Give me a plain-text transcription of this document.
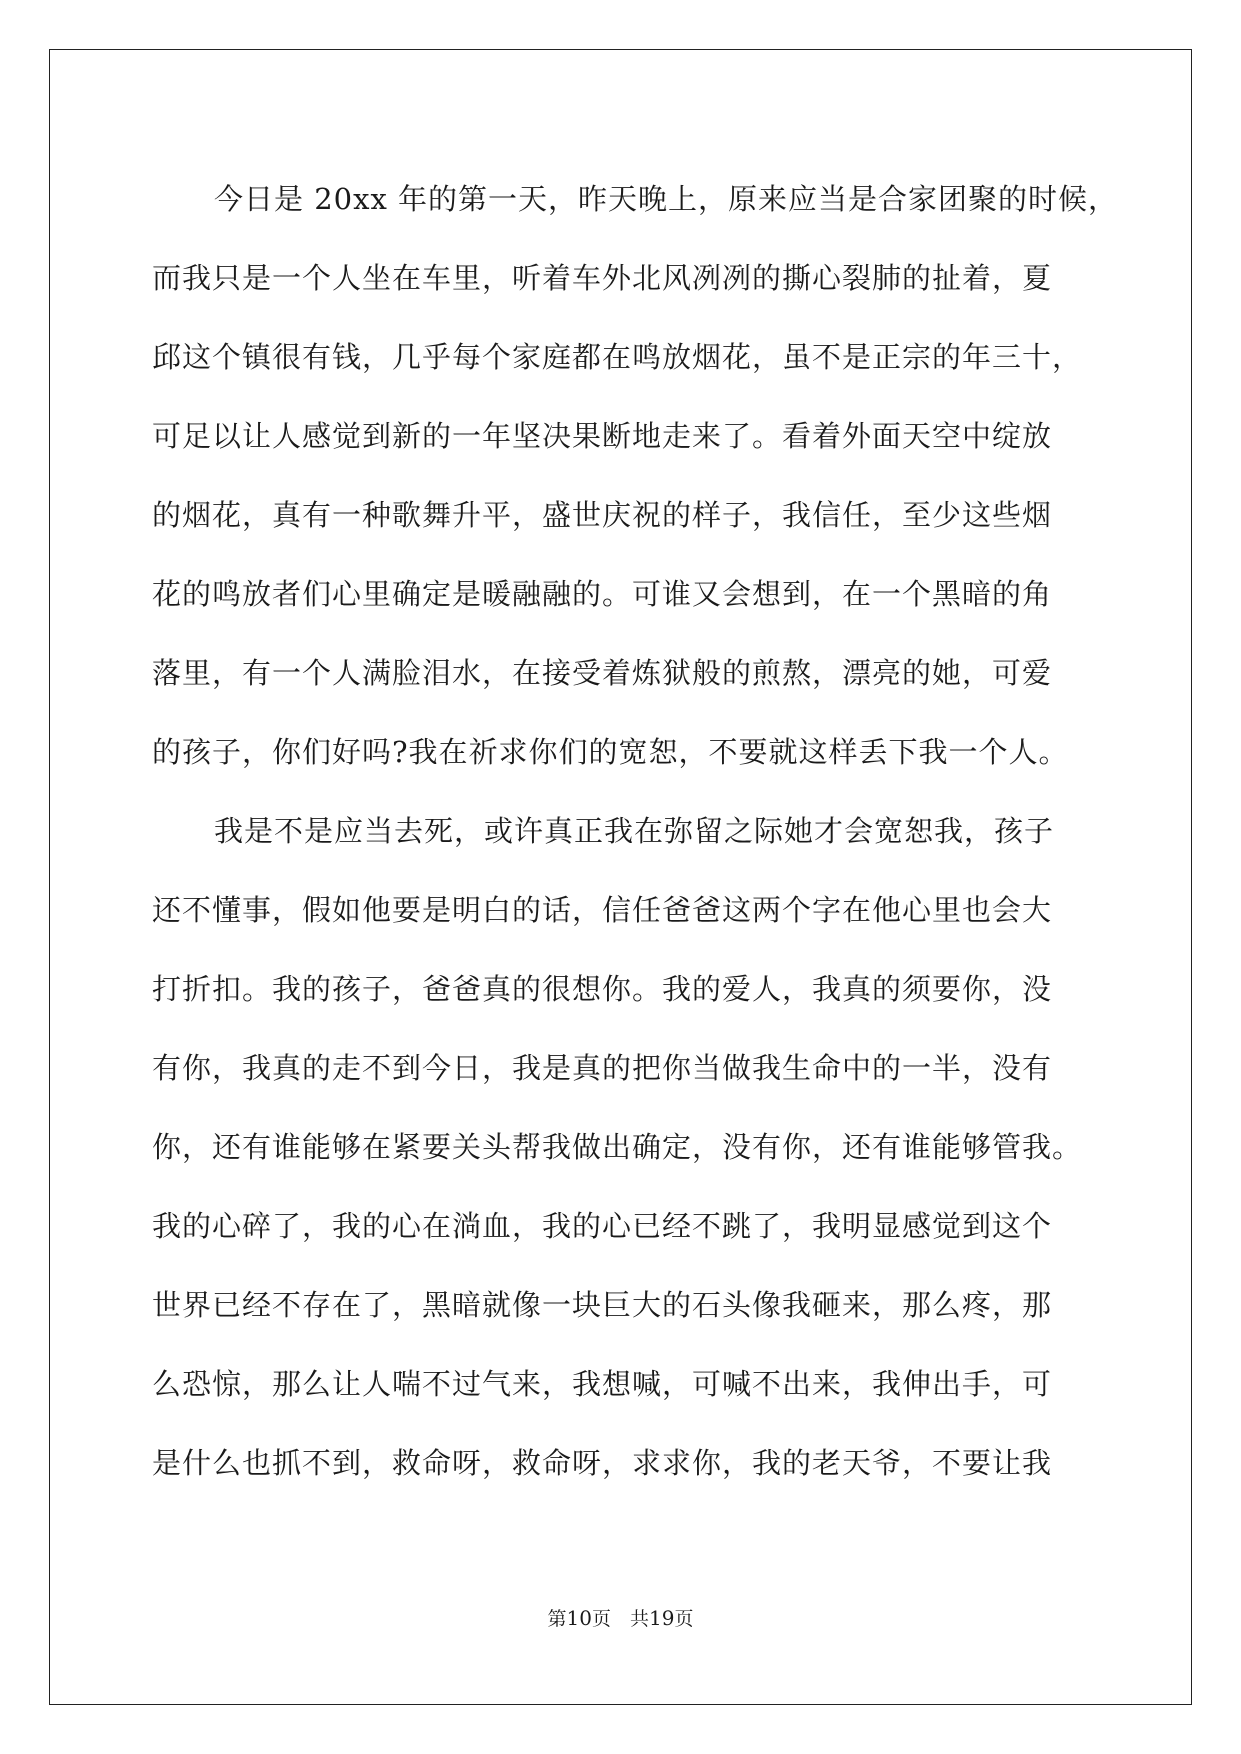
今日是 20xx 年的第一天，昨天晚上，原来应当是合家团聚的时候，
而我只是一个人坐在车里，听着车外北风冽冽的撕心裂肺的扯着，夏
邱这个镇很有钱，几乎每个家庭都在鸣放烟花，虽不是正宗的年三十，
可足以让人感觉到新的一年坚决果断地走来了。看着外面天空中绽放
的烟花，真有一种歌舞升平，盛世庆祝的样子，我信任，至少这些烟
花的鸣放者们心里确定是暖融融的。可谁又会想到，在一个黑暗的角
落里，有一个人满脸泪水，在接受着炼狱般的煎熬，漂亮的她，可爱
的孩子，你们好吗?我在祈求你们的宽恕，不要就这样丢下我一个人。
我是不是应当去死，或许真正我在弥留之际她才会宽恕我，孩子
还不懂事，假如他要是明白的话，信任爸爸这两个字在他心里也会大
打折扣。我的孩子，爸爸真的很想你。我的爱人，我真的须要你，没
有你，我真的走不到今日，我是真的把你当做我生命中的一半，没有
你，还有谁能够在紧要关头帮我做出确定，没有你，还有谁能够管我。
我的心碎了，我的心在淌血，我的心已经不跳了，我明显感觉到这个
世界已经不存在了，黑暗就像一块巨大的石头像我砸来，那么疼，那
么恐惊，那么让人喘不过气来，我想喊，可喊不出来，我伸出手，可
是什么也抓不到，救命呀，救命呀，求求你，我的老天爷，不要让我
第10页　共19页
